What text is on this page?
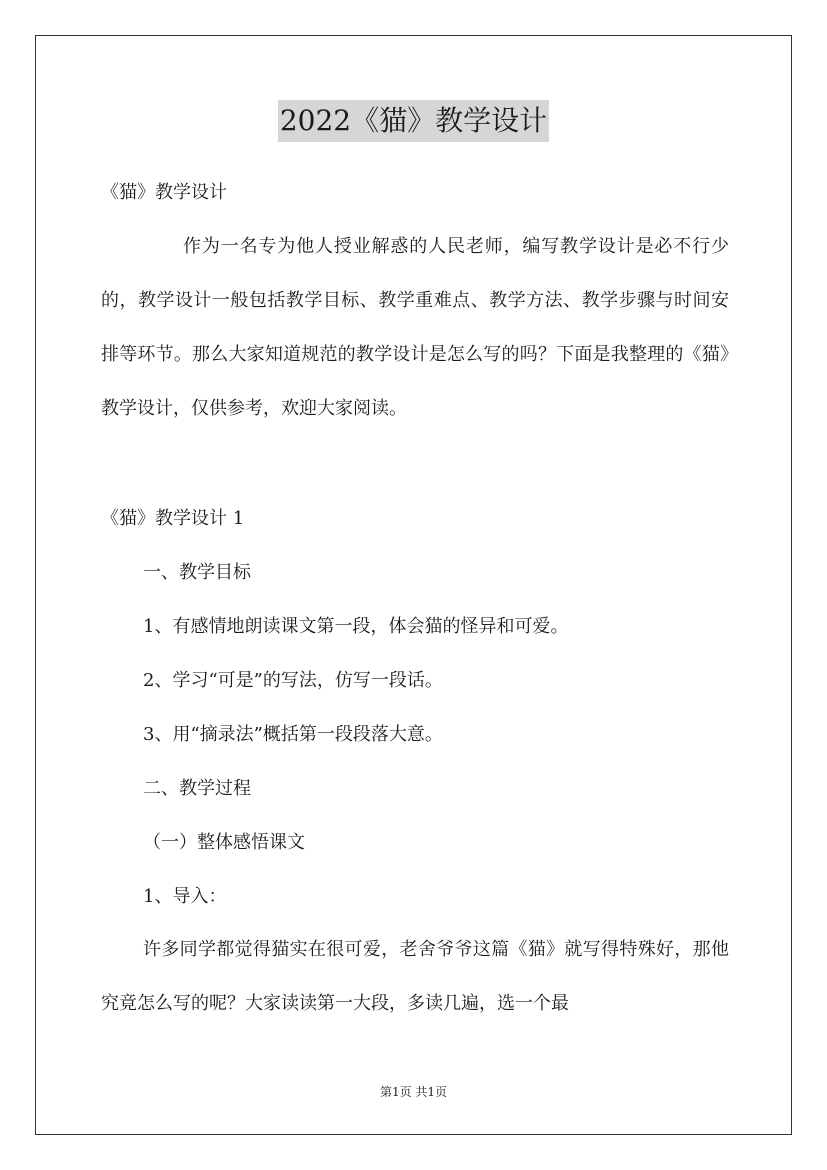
2022《猫》教学设计
《猫》教学设计
作为一名专为他人授业解惑的人民老师，编写教学设计是必不行少的，教学设计一般包括教学目标、教学重难点、教学方法、教学步骤与时间安排等环节。那么大家知道规范的教学设计是怎么写的吗？下面是我整理的《猫》教学设计，仅供参考，欢迎大家阅读。
《猫》教学设计 1
一、教学目标
1、有感情地朗读课文第一段，体会猫的怪异和可爱。
2、学习“可是”的写法，仿写一段话。
3、用“摘录法”概括第一段段落大意。
二、教学过程
（一）整体感悟课文
1、导入：
许多同学都觉得猫实在很可爱，老舍爷爷这篇《猫》就写得特殊好，那他究竟怎么写的呢？大家读读第一大段，多读几遍，选一个最
第1页 共1页
